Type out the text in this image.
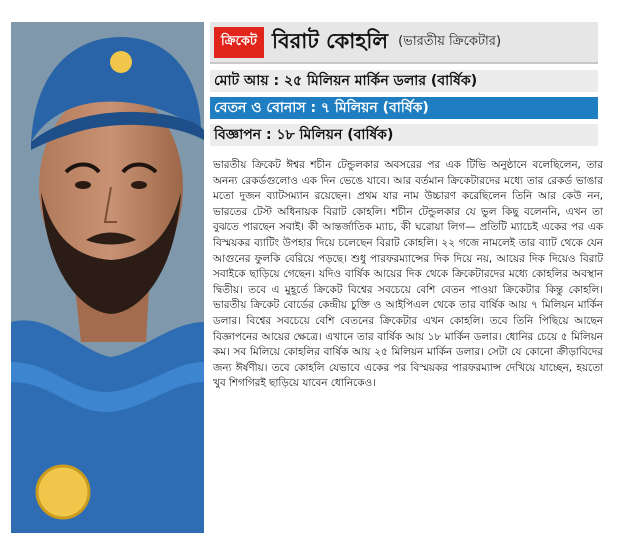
ক্রিকেট বিরাট কোহলি (ভারতীয় ক্রিকেটার)
মোট আয় : ২৫ মিলিয়ন মার্কিন ডলার (বার্ষিক)
বেতন ও বোনাস : ৭ মিলিয়ন (বার্ষিক)
বিজ্ঞাপন : ১৮ মিলিয়ন (বার্ষিক)

ভারতীয় ক্রিকেট ঈশ্বর শচীন টেন্ডুলকার অবসরের পর এক টিভি অনুষ্ঠানে বলেছিলেন, তার অনন্য রেকর্ডগুলোও এক দিন ভেঙে যাবে। আর বর্তমান ক্রিকেটারদের মধ্যে তার রেকর্ড ভাঙার মতো দুজন ব্যাটসম্যান রয়েছেন। প্রথম যার নাম উচ্চারণ করেছিলেন তিনি আর কেউ নন, ভারতের টেস্ট অধিনায়ক বিরাট কোহলি। শচীন টেন্ডুলকার যে ভুল কিছু বলেননি, এখন তা বুঝতে পারছেন সবাই। কী আন্তর্জাতিক ম্যাচ, কী ঘরোয়া লিগ— প্রতিটি ম্যাচেই একের পর এক বিস্ময়কর ব্যাটিং উপহার দিয়ে চলেছেন বিরাট কোহলি। ২২ গজে নামলেই তার ব্যাট থেকে যেন আগুনের ফুলকি বেরিয়ে পড়ছে। শুধু পারফরম্যান্সের দিক দিয়ে নয়, আয়ের দিক দিয়েও বিরাট সবাইকে ছাড়িয়ে গেছেন। যদিও বার্ষিক আয়ের দিক থেকে ক্রিকেটারদের মধ্যে কোহলির অবস্থান দ্বিতীয়। তবে এ মুহূর্তে ক্রিকেট বিশ্বের সবচেয়ে বেশি বেতন পাওয়া ক্রিকেটার কিন্তু কোহলি। ভারতীয় ক্রিকেট বোর্ডের কেন্দ্রীয় চুক্তি ও আইপিএল থেকে তার বার্ষিক আয় ৭ মিলিয়ন মার্কিন ডলার। বিশ্বের সবচেয়ে বেশি বেতনের ক্রিকেটার এখন কোহলি। তবে তিনি পিছিয়ে আছেন বিজ্ঞাপনের আয়ের ক্ষেত্রে। এখানে তার বার্ষিক আয় ১৮ মার্কিন ডলার। ধোনির চেয়ে ৫ মিলিয়ন কম। সব মিলিয়ে কোহলির বার্ষিক আয় ২৫ মিলিয়ন মার্কিন ডলার। সেটা যে কোনো ক্রীড়াবিদের জন্য ঈর্ষণীয়। তবে কোহলি যেভাবে একের পর বিস্ময়কর পারফরম্যান্স দেখিয়ে যাচ্ছেন, হয়তো খুব শিগগিরই ছাড়িয়ে যাবেন ধোনিকেও।
